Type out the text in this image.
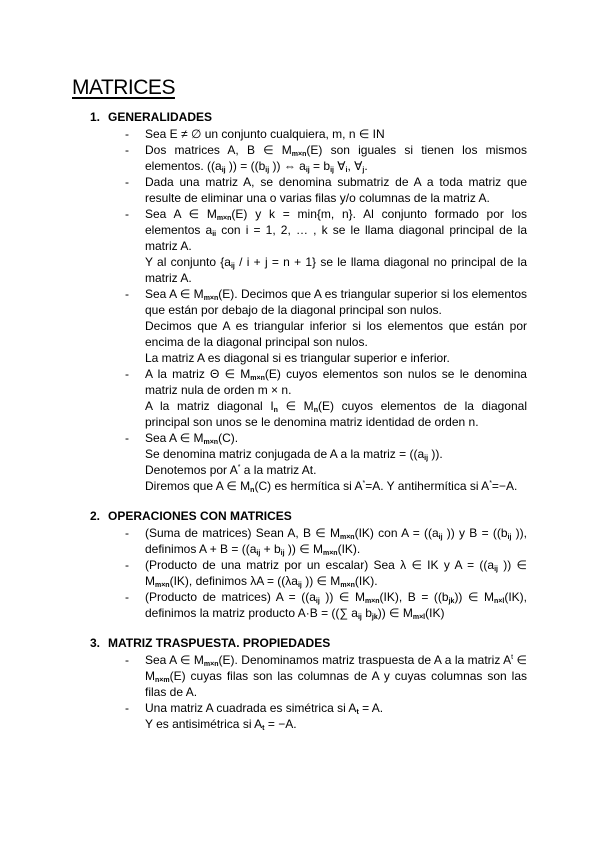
MATRICES
1. GENERALIDADES
- Sea E ≠ ∅ un conjunto cualquiera, m, n ∈ IN

- Dos matrices A, B ∈ $M_{m\times n}(E)$ son iguales si tienen los mismos elementos. (($a_{ij}$ )) = (($b_{ij}$ )) ⇔ $a_{ij} = b_{ij}$ $\forall_i$, $\forall_j$.

- Dada una matriz A, se denomina submatriz de A a toda matriz que resulte de eliminar una o varias filas y/o columnas de la matriz A.

- Sea A ∈ $M_{m\times n}(E)$ y k = min{m, n}. Al conjunto formado por los elementos $a_{ii}$ con i = 1, 2, … , k se le llama diagonal principal de la matriz A.

Y al conjunto $\{a_{ij} / i + j = n + 1\}$ se le llama diagonal no principal de la matriz A.

- Sea A ∈ $M_{m\times n}(E)$. Decimos que A es triangular superior si los elementos que están por debajo de la diagonal principal son nulos.

Decimos que A es triangular inferior si los elementos que están por encima de la diagonal principal son nulos.

La matriz A es diagonal si es triangular superior e inferior.

- A la matriz Θ ∈ $M_{m\times n}(E)$ cuyos elementos son nulos se le denomina matriz nula de orden m × n.

A la matriz diagonal $I_n$ ∈ $M_n(E)$ cuyos elementos de la diagonal principal son unos se le denomina matriz identidad de orden n.

- Sea A ∈ $M_{m\times n}(C)$.

Se denomina matriz conjugada de A a la matriz = (($a_{ij}$ )).

Denotemos por A* a la matriz At.

Diremos que A ∈ $M_n(C)$ es hermítica si A*=A. Y antihermítica si A*=−A.

2. OPERACIONES CON MATRICES
- (Suma de matrices) Sean A, B ∈ $M_{m\times n}(IK)$ con $A = ((a_{ij}$ )) y $B = ((b_{ij}$ )), definimos $A + B = ((a_{ij} + b_{ij}$ )) ∈ $M_{m\times n}(IK)$.

- (Producto de una matriz por un escalar) Sea λ ∈ IK y $A = ((a_{ij}$ )) ∈ $M_{m\times n}(IK)$, definimos $\lambda A = ((\lambda a_{ij}$ )) ∈ $M_{m\times n}(IK)$.

- (Producto de matrices) $A = ((a_{ij}$ )) ∈ $M_{m\times n}(IK)$, $B = ((b_{jk}))$ ∈ $M_{n\times l}(IK)$, definimos la matriz producto A·B = ((∑ $a_{ij}$ $b_{jk}$)) ∈ $M_{m\times l}(IK)$

3. MATRIZ TRASPUESTA. PROPIEDADES
- Sea A ∈ $M_{m\times n}(E)$. Denominamos matriz traspuesta de A a la matriz $A^t$ ∈ $M_{n\times m}(E)$ cuyas filas son las columnas de A y cuyas columnas son las filas de A.

- Una matriz A cuadrada es simétrica si $A_t = A$.

Y es antisimétrica si $A_t = -A$.
